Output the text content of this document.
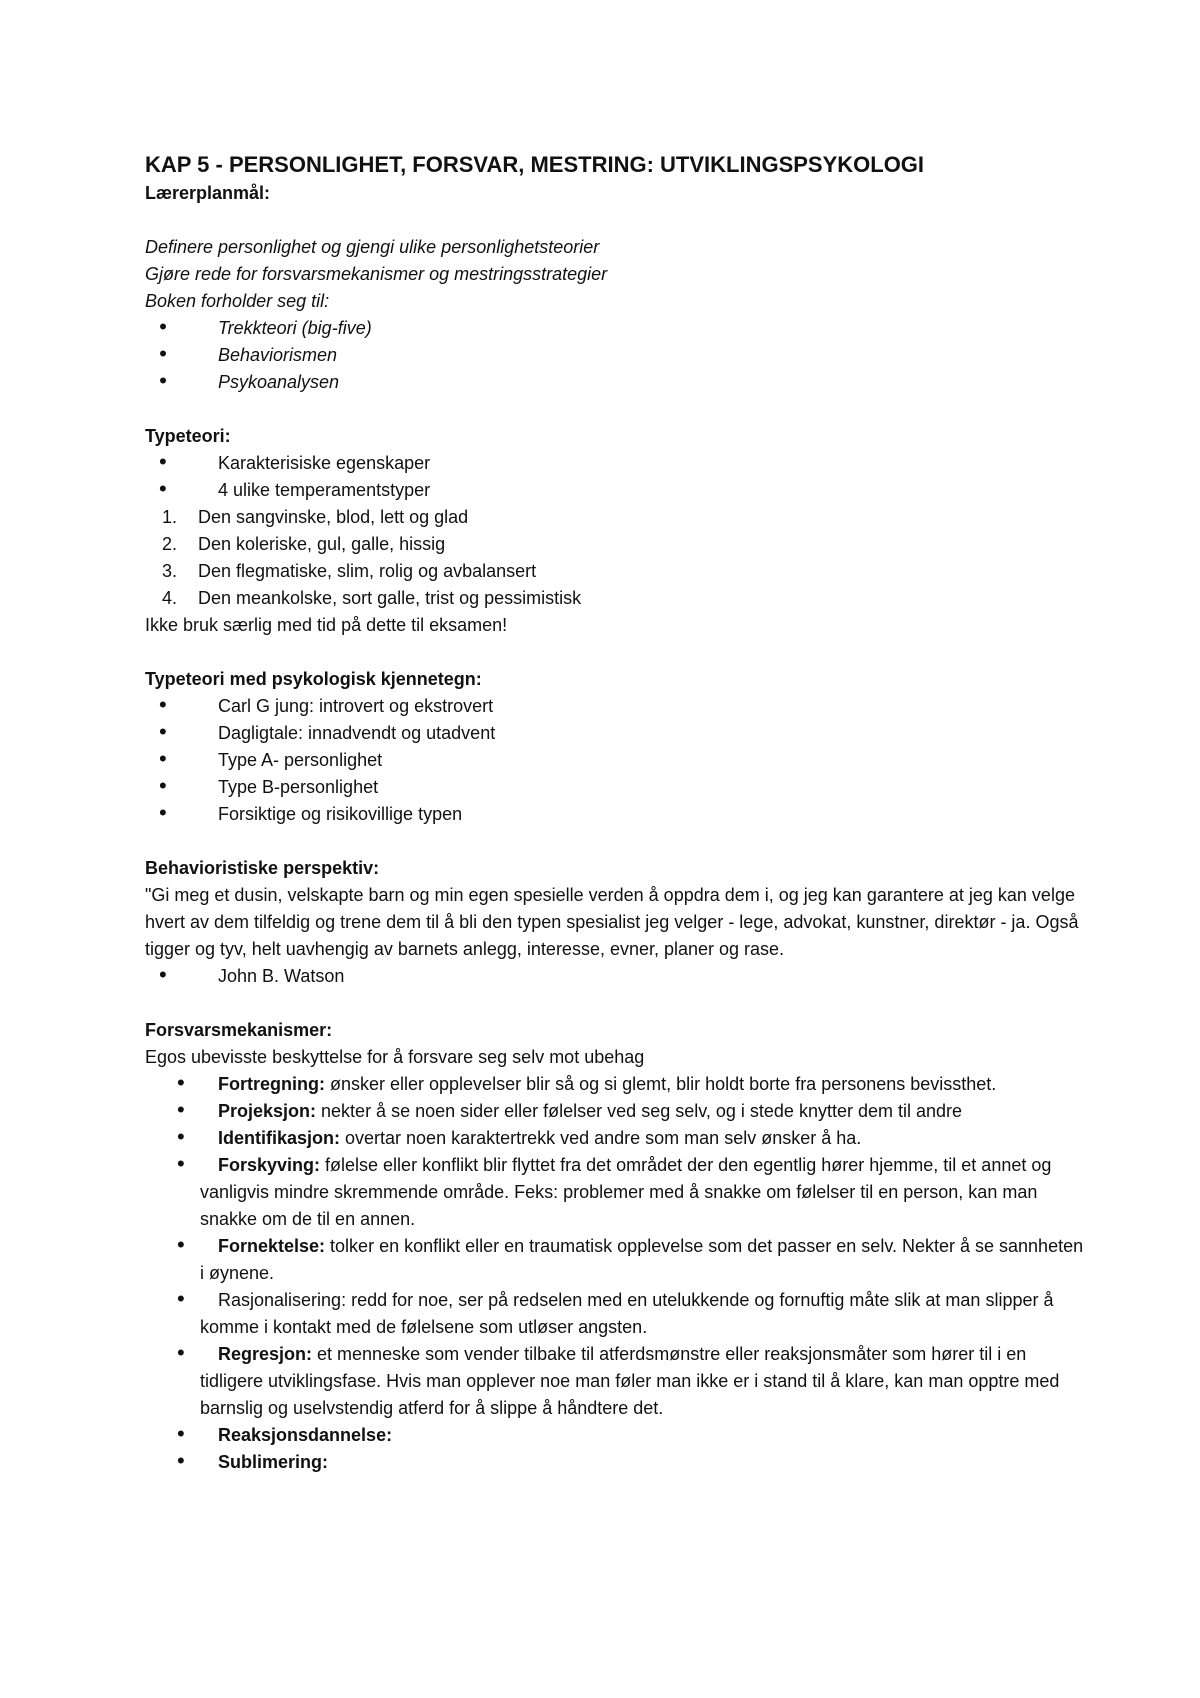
KAP 5 - PERSONLIGHET, FORSVAR, MESTRING: UTVIKLINGSPSYKOLOGI

Lærerplanmål:

Definere personlighet og gjengi ulike personlighetsteorier

Gjøre rede for forsvarsmekanismer og mestringsstrategier

Boken forholder seg til:

• Trekkteori (big-five)
• Behaviorismen
• Psykoanalysen

Typeteori:

• Karakterisiske egenskaper
• 4 ulike temperamentstyper
1.	Den sangvinske, blod, lett og glad
2.	Den koleriske, gul, galle, hissig
3.	Den flegmatiske, slim, rolig og avbalansert
4.	Den meankolske, sort galle, trist og pessimistisk

Ikke bruk særlig med tid på dette til eksamen!

Typeteori med psykologisk kjennetegn:

• Carl G jung: introvert og ekstrovert
• Dagligtale: innadvendt og utadvent
• Type A- personlighet
• Type B-personlighet
• Forsiktige og risikovillige typen

Behavioristiske perspektiv:

"Gi meg et dusin, velskapte barn og min egen spesielle verden å oppdra dem i, og jeg kan garantere at jeg kan velge hvert av dem tilfeldig og trene dem til å bli den typen spesialist jeg velger - lege, advokat, kunstner, direktør - ja. Også tigger og tyv, helt uavhengig av barnets anlegg, interesse, evner, planer og rase.

• John B. Watson

Forsvarsmekanismer:

Egos ubevisste beskyttelse for å forsvare seg selv mot ubehag

• Fortregning: ønsker eller opplevelser blir så og si glemt, blir holdt borte fra personens bevissthet.
• Projeksjon: nekter å se noen sider eller følelser ved seg selv, og i stede knytter dem til andre
• Identifikasjon: overtar noen karaktertrekk ved andre som man selv ønsker å ha.
• Forskyving: følelse eller konflikt blir flyttet fra det området der den egentlig hører hjemme, til et annet og vanligvis mindre skremmende område. Feks: problemer med å snakke om følelser til en person, kan man snakke om de til en annen.
• Fornektelse: tolker en konflikt eller en traumatisk opplevelse som det passer en selv. Nekter å se sannheten i øynene.
• Rasjonalisering: redd for noe, ser på redselen med en utelukkende og fornuftig måte slik at man slipper å komme i kontakt med de følelsene som utløser angsten.
• Regresjon: et menneske som vender tilbake til atferdsmønstre eller reaksjonsmåter som hører til i en tidligere utviklingsfase. Hvis man opplever noe man føler man ikke er i stand til å klare, kan man opptre med barnslig og uselvstendig atferd for å slippe å håndtere det.
• Reaksjonsdannelse:
• Sublimering:
